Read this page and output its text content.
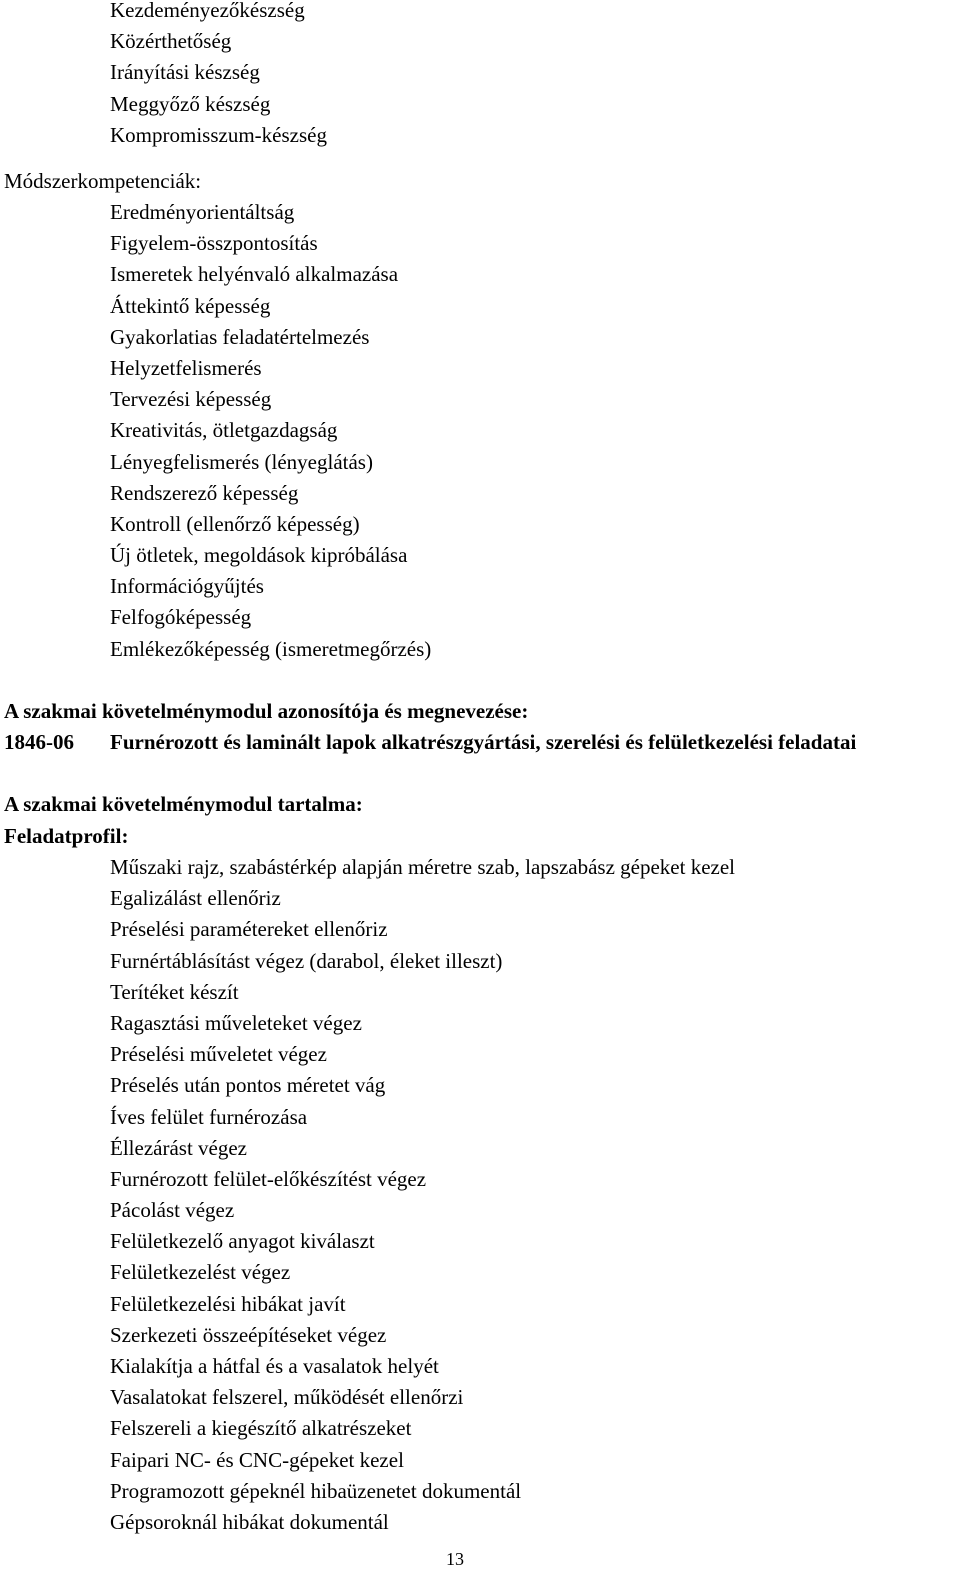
Kezdeményezőkészség
Közérthetőség
Irányítási készség
Meggyőző készség
Kompromisszum-készség
Módszerkompetenciák:
Eredményorientáltság
Figyelem-összpontosítás
Ismeretek helyénvaló alkalmazása
Áttekintő képesség
Gyakorlatias feladatértelmezés
Helyzetfelismerés
Tervezési képesség
Kreativitás, ötletgazdagság
Lényegfelismerés (lényeglátás)
Rendszerező képesség
Kontroll (ellenőrző képesség)
Új ötletek, megoldások kipróbálása
Információgyűjtés
Felfogóképesség
Emlékezőképesség (ismeretmegőrzés)
A szakmai követelménymodul azonosítója és megnevezése:
1846-06 Furnérozott és laminált lapok alkatrészgyártási, szerelési és felületkezelési feladatai
A szakmai követelménymodul tartalma:
Feladatprofil:
Műszaki rajz, szabástérkép alapján méretre szab, lapszabász gépeket kezel
Egalizálást ellenőriz
Préselési paramétereket ellenőriz
Furnértáblásítást végez (darabol, éleket illeszt)
Terítéket készít
Ragasztási műveleteket végez
Préselési műveletet végez
Préselés után pontos méretet vág
Íves felület furnérozása
Éllezárást végez
Furnérozott felület-előkészítést végez
Pácolást végez
Felületkezelő anyagot kiválaszt
Felületkezelést végez
Felületkezelési hibákat javít
Szerkezeti összeépítéseket végez
Kialakítja a hátfal és a vasalatok helyét
Vasalatokat felszerel, működését ellenőrzi
Felszereli a kiegészítő alkatrészeket
Faipari NC- és CNC-gépeket kezel
Programozott gépeknél hibaüzenetet dokumentál
Gépsoroknál hibákat dokumentál
13
